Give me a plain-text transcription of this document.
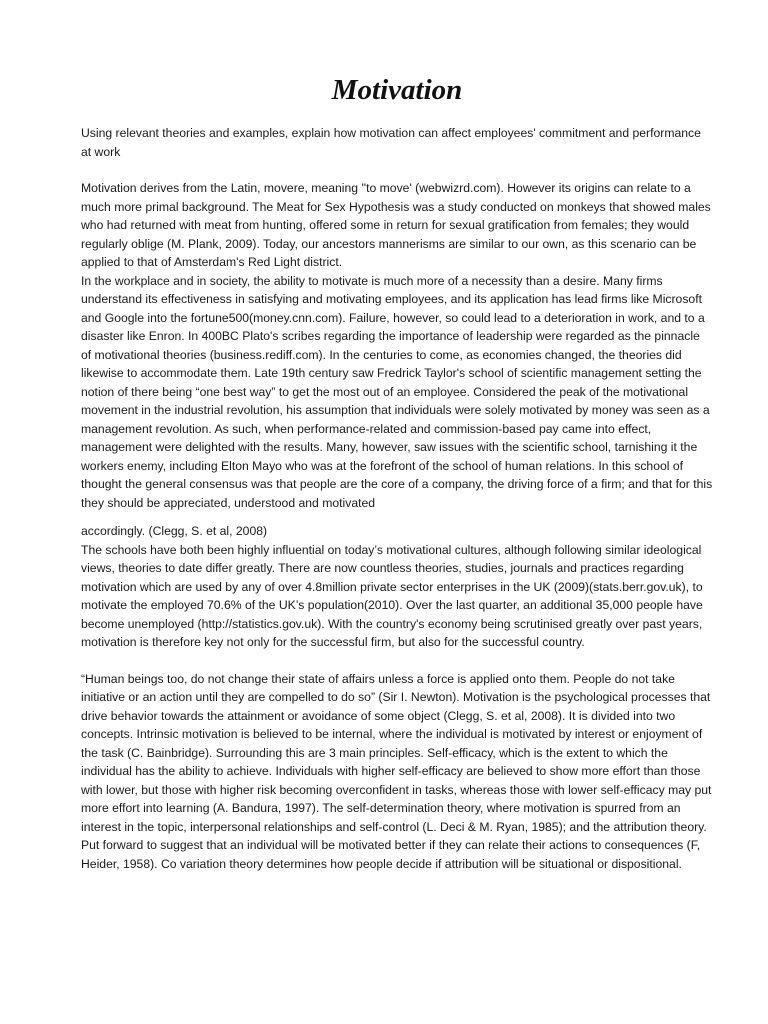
Motivation

Using relevant theories and examples, explain how motivation can affect employees' commitment and performance at work

Motivation derives from the Latin, movere, meaning ''to move' (webwizrd.com). However its origins can relate to a much more primal background. The Meat for Sex Hypothesis was a study conducted on monkeys that showed males who had returned with meat from hunting, offered some in return for sexual gratification from females; they would regularly oblige (M. Plank, 2009). Today, our ancestors mannerisms are similar to our own, as this scenario can be applied to that of Amsterdam's Red Light district.

In the workplace and in society, the ability to motivate is much more of a necessity than a desire. Many firms understand its effectiveness in satisfying and motivating employees, and its application has lead firms like Microsoft and Google into the fortune500(money.cnn.com). Failure, however, so could lead to a deterioration in work, and to a disaster like Enron. In 400BC Plato's scribes regarding the importance of leadership were regarded as the pinnacle of motivational theories (business.rediff.com). In the centuries to come, as economies changed, the theories did likewise to accommodate them. Late 19th century saw Fredrick Taylor's school of scientific management setting the notion of there being “one best way” to get the most out of an employee. Considered the peak of the motivational movement in the industrial revolution, his assumption that individuals were solely motivated by money was seen as a management revolution. As such, when performance-related and commission-based pay came into effect, management were delighted with the results. Many, however, saw issues with the scientific school, tarnishing it the workers enemy, including Elton Mayo who was at the forefront of the school of human relations. In this school of thought the general consensus was that people are the core of a company, the driving force of a firm; and that for this they should be appreciated, understood and motivated

accordingly. (Clegg, S. et al, 2008)

The schools have both been highly influential on today’s motivational cultures, although following similar ideological views, theories to date differ greatly. There are now countless theories, studies, journals and practices regarding motivation which are used by any of over 4.8million private sector enterprises in the UK (2009)(stats.berr.gov.uk), to motivate the employed 70.6% of the UK’s population(2010). Over the last quarter, an additional 35,000 people have become unemployed (http://statistics.gov.uk). With the country's economy being scrutinised greatly over past years, motivation is therefore key not only for the successful firm, but also for the successful country.

“Human beings too, do not change their state of affairs unless a force is applied onto them. People do not take initiative or an action until they are compelled to do so” (Sir I. Newton). Motivation is the psychological processes that drive behavior towards the attainment or avoidance of some object (Clegg, S. et al, 2008). It is divided into two concepts. Intrinsic motivation is believed to be internal, where the individual is motivated by interest or enjoyment of the task (C. Bainbridge). Surrounding this are 3 main principles. Self-efficacy, which is the extent to which the individual has the ability to achieve. Individuals with higher self-efficacy are believed to show more effort than those with lower, but those with higher risk becoming overconfident in tasks, whereas those with lower self-efficacy may put more effort into learning (A. Bandura, 1997). The self-determination theory, where motivation is spurred from an interest in the topic, interpersonal relationships and self-control (L. Deci & M. Ryan, 1985); and the attribution theory. Put forward to suggest that an individual will be motivated better if they can relate their actions to consequences (F, Heider, 1958). Co variation theory determines how people decide if attribution will be situational or dispositional.
